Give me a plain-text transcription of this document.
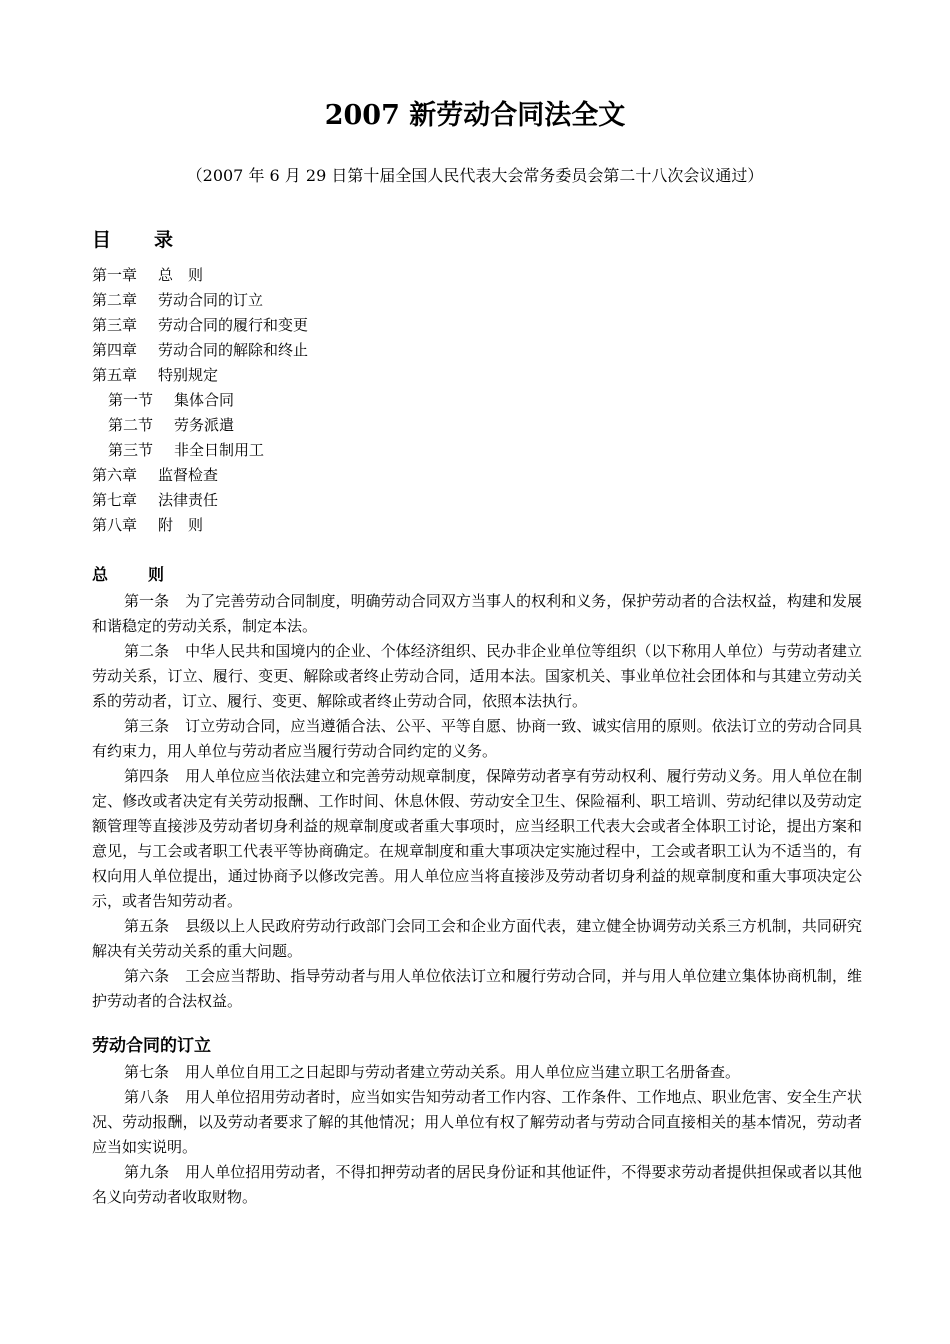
2007 新劳动合同法全文
（2007 年 6 月 29 日第十届全国人民代表大会常务委员会第二十八次会议通过）
目　录
第一章 总　则
第二章 劳动合同的订立
第三章 劳动合同的履行和变更
第四章 劳动合同的解除和终止
第五章 特别规定
第一节 集体合同
第二节 劳务派遣
第三节 非全日制用工
第六章 监督检查
第七章 法律责任
第八章 附　则
总　则

第一条 为了完善劳动合同制度，明确劳动合同双方当事人的权利和义务，保护劳动者的合法权益，构建和发展和谐稳定的劳动关系，制定本法。

第二条 中华人民共和国境内的企业、个体经济组织、民办非企业单位等组织（以下称用人单位）与劳动者建立劳动关系，订立、履行、变更、解除或者终止劳动合同，适用本法。国家机关、事业单位社会团体和与其建立劳动关系的劳动者，订立、履行、变更、解除或者终止劳动合同，依照本法执行。

第三条 订立劳动合同，应当遵循合法、公平、平等自愿、协商一致、诚实信用的原则。依法订立的劳动合同具有约束力，用人单位与劳动者应当履行劳动合同约定的义务。

第四条 用人单位应当依法建立和完善劳动规章制度，保障劳动者享有劳动权利、履行劳动义务。用人单位在制定、修改或者决定有关劳动报酬、工作时间、休息休假、劳动安全卫生、保险福利、职工培训、劳动纪律以及劳动定额管理等直接涉及劳动者切身利益的规章制度或者重大事项时，应当经职工代表大会或者全体职工讨论，提出方案和意见，与工会或者职工代表平等协商确定。在规章制度和重大事项决定实施过程中，工会或者职工认为不适当的，有权向用人单位提出，通过协商予以修改完善。用人单位应当将直接涉及劳动者切身利益的规章制度和重大事项决定公示，或者告知劳动者。

第五条 县级以上人民政府劳动行政部门会同工会和企业方面代表，建立健全协调劳动关系三方机制，共同研究解决有关劳动关系的重大问题。

第六条 工会应当帮助、指导劳动者与用人单位依法订立和履行劳动合同，并与用人单位建立集体协商机制，维护劳动者的合法权益。

劳动合同的订立

第七条 用人单位自用工之日起即与劳动者建立劳动关系。用人单位应当建立职工名册备查。

第八条 用人单位招用劳动者时，应当如实告知劳动者工作内容、工作条件、工作地点、职业危害、安全生产状况、劳动报酬，以及劳动者要求了解的其他情况；用人单位有权了解劳动者与劳动合同直接相关的基本情况，劳动者应当如实说明。

第九条 用人单位招用劳动者，不得扣押劳动者的居民身份证和其他证件，不得要求劳动者提供担保或者以其他名义向劳动者收取财物。
